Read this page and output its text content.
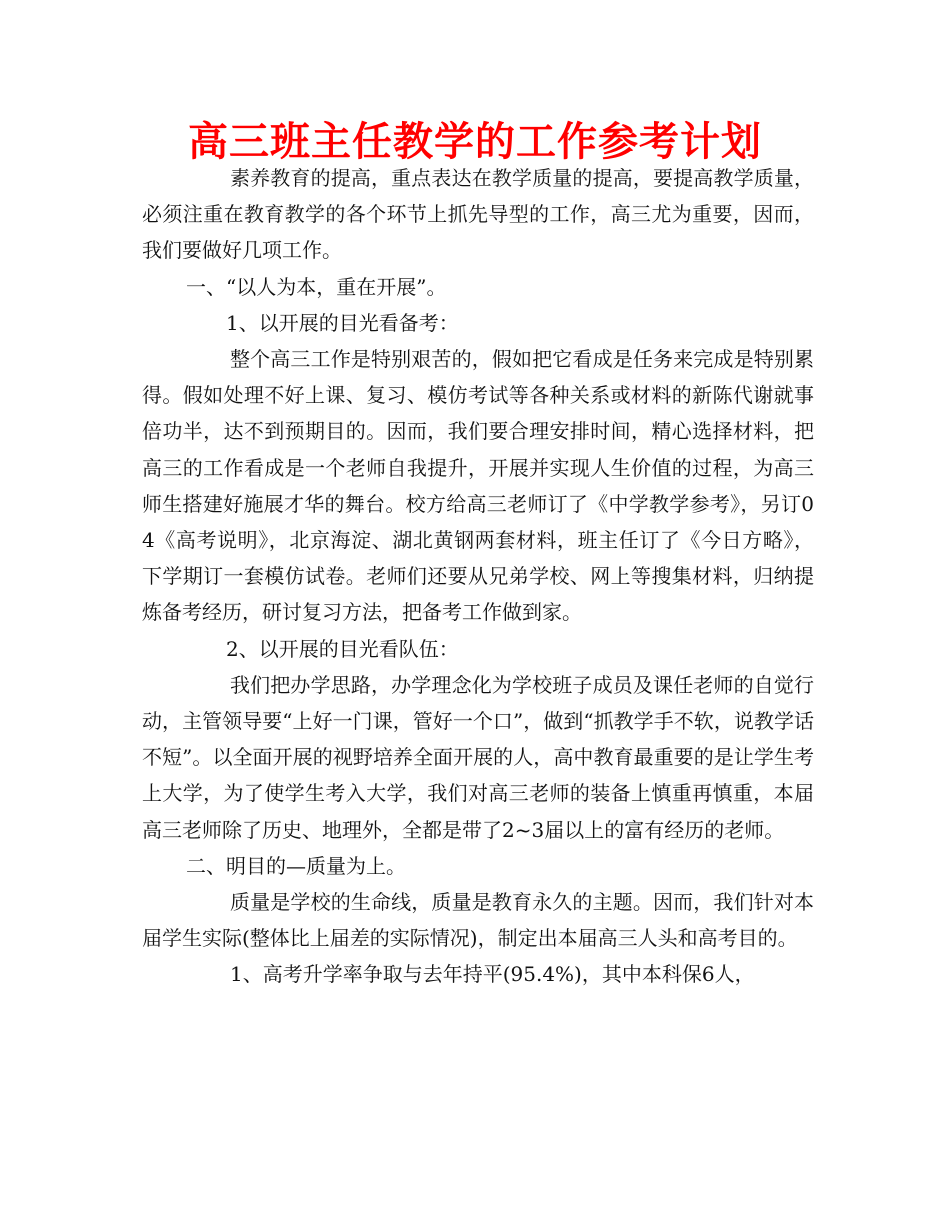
高三班主任教学的工作参考计划

素养教育的提高，重点表达在教学质量的提高，要提高教学质量，必须注重在教育教学的各个环节上抓先导型的工作，高三尤为重要，因而，我们要做好几项工作。

一、“以人为本，重在开展”。

1、以开展的目光看备考：

整个高三工作是特别艰苦的，假如把它看成是任务来完成是特别累得。假如处理不好上课、复习、模仿考试等各种关系或材料的新陈代谢就事倍功半，达不到预期目的。因而，我们要合理安排时间，精心选择材料，把高三的工作看成是一个老师自我提升，开展并实现人生价值的过程，为高三师生搭建好施展才华的舞台。校方给高三老师订了《中学教学参考》，另订04《高考说明》，北京海淀、湖北黄钢两套材料，班主任订了《今日方略》，下学期订一套模仿试卷。老师们还要从兄弟学校、网上等搜集材料，归纳提炼备考经历，研讨复习方法，把备考工作做到家。

2、以开展的目光看队伍：

我们把办学思路，办学理念化为学校班子成员及课任老师的自觉行动，主管领导要“上好一门课，管好一个口”，做到“抓教学手不软，说教学话不短”。以全面开展的视野培养全面开展的人，高中教育最重要的是让学生考上大学，为了使学生考入大学，我们对高三老师的装备上慎重再慎重，本届高三老师除了历史、地理外，全都是带了2~3届以上的富有经历的老师。

二、明目的—质量为上。

质量是学校的生命线，质量是教育永久的主题。因而，我们针对本届学生实际(整体比上届差的实际情况)，制定出本届高三人头和高考目的。

1、高考升学率争取与去年持平(95.4%)，其中本科保6人，
